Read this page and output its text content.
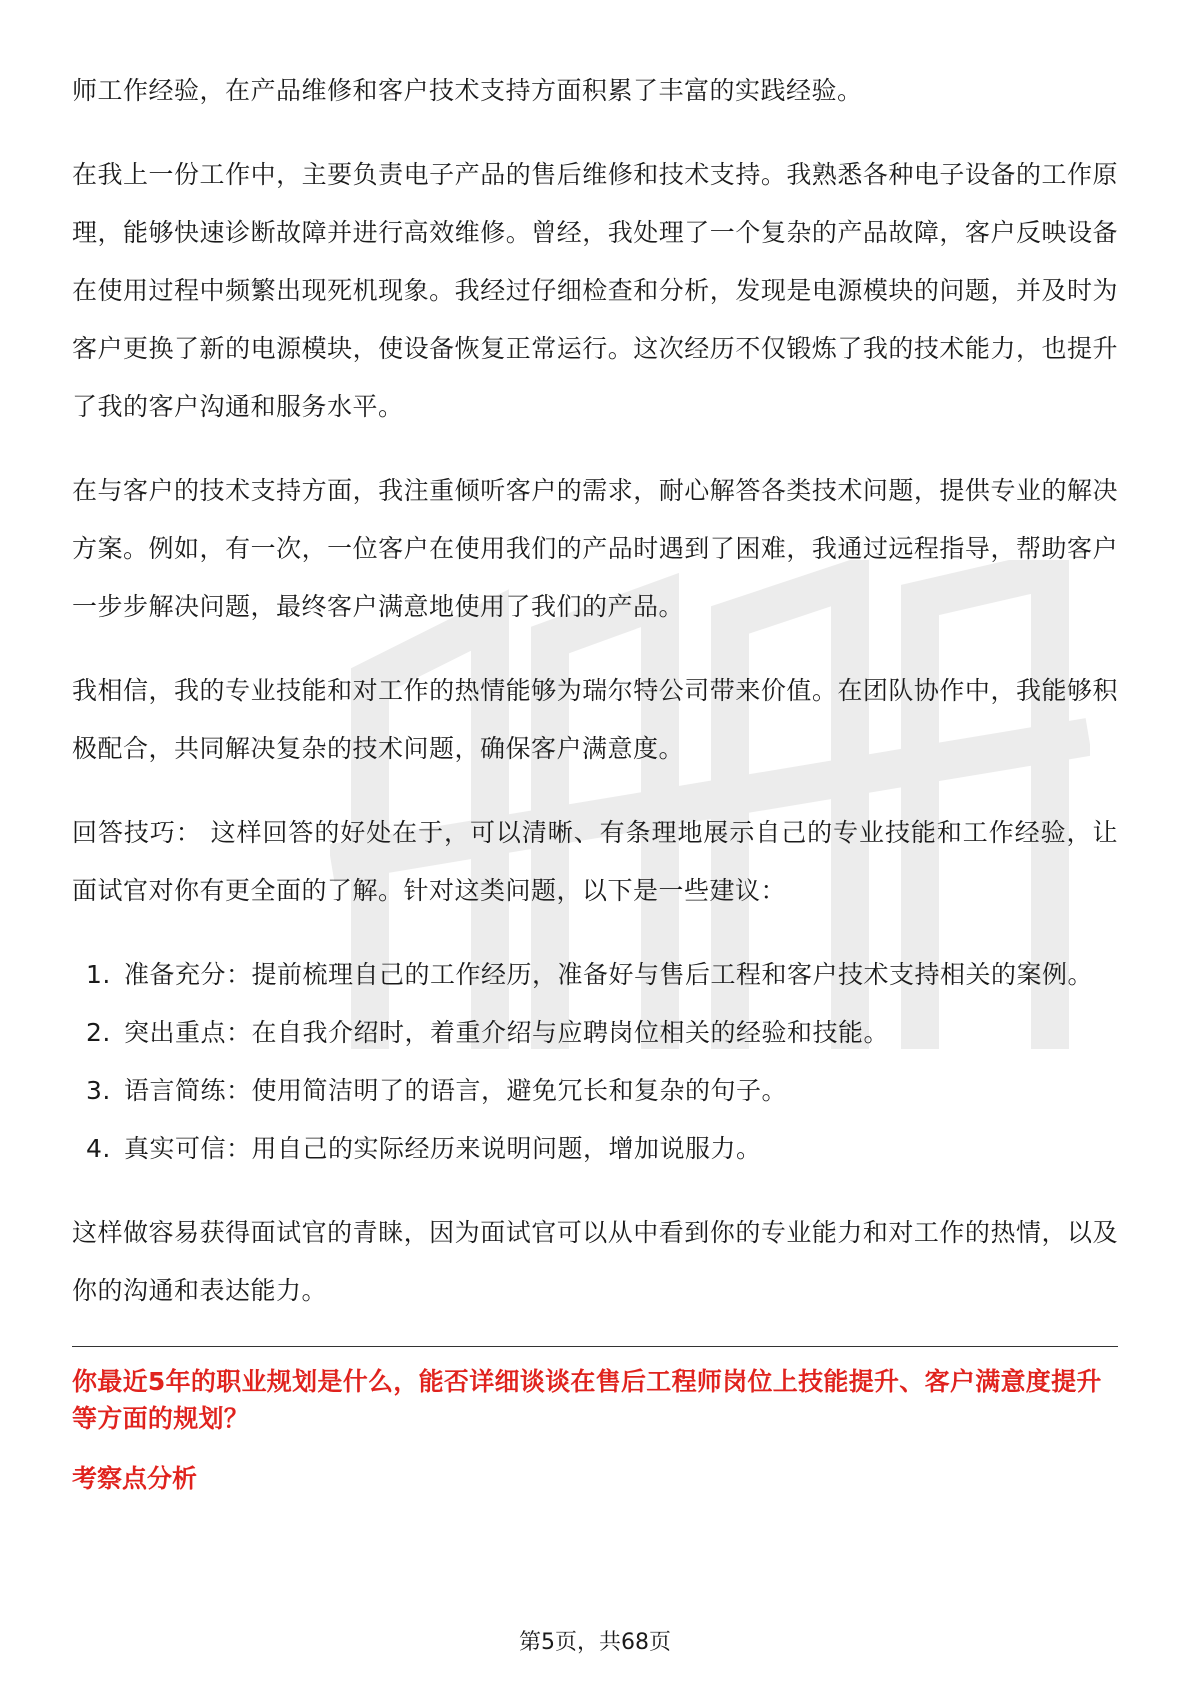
师工作经验，在产品维修和客户技术支持方面积累了丰富的实践经验。

在我上一份工作中，主要负责电子产品的售后维修和技术支持。我熟悉各种电子设备的工作原理，能够快速诊断故障并进行高效维修。曾经，我处理了一个复杂的产品故障，客户反映设备在使用过程中频繁出现死机现象。我经过仔细检查和分析，发现是电源模块的问题，并及时为客户更换了新的电源模块，使设备恢复正常运行。这次经历不仅锻炼了我的技术能力，也提升了我的客户沟通和服务水平。

在与客户的技术支持方面，我注重倾听客户的需求，耐心解答各类技术问题，提供专业的解决方案。例如，有一次，一位客户在使用我们的产品时遇到了困难，我通过远程指导，帮助客户一步步解决问题，最终客户满意地使用了我们的产品。

我相信，我的专业技能和对工作的热情能够为瑞尔特公司带来价值。在团队协作中，我能够积极配合，共同解决复杂的技术问题，确保客户满意度。

回答技巧： 这样回答的好处在于，可以清晰、有条理地展示自己的专业技能和工作经验，让面试官对你有更全面的了解。针对这类问题，以下是一些建议：

1. 准备充分：提前梳理自己的工作经历，准备好与售后工程和客户技术支持相关的案例。
2. 突出重点：在自我介绍时，着重介绍与应聘岗位相关的经验和技能。
3. 语言简练：使用简洁明了的语言，避免冗长和复杂的句子。
4. 真实可信：用自己的实际经历来说明问题，增加说服力。

这样做容易获得面试官的青睐，因为面试官可以从中看到你的专业能力和对工作的热情，以及你的沟通和表达能力。

你最近5年的职业规划是什么，能否详细谈谈在售后工程师岗位上技能提升、客户满意度提升等方面的规划？

考察点分析

第5页，共68页
